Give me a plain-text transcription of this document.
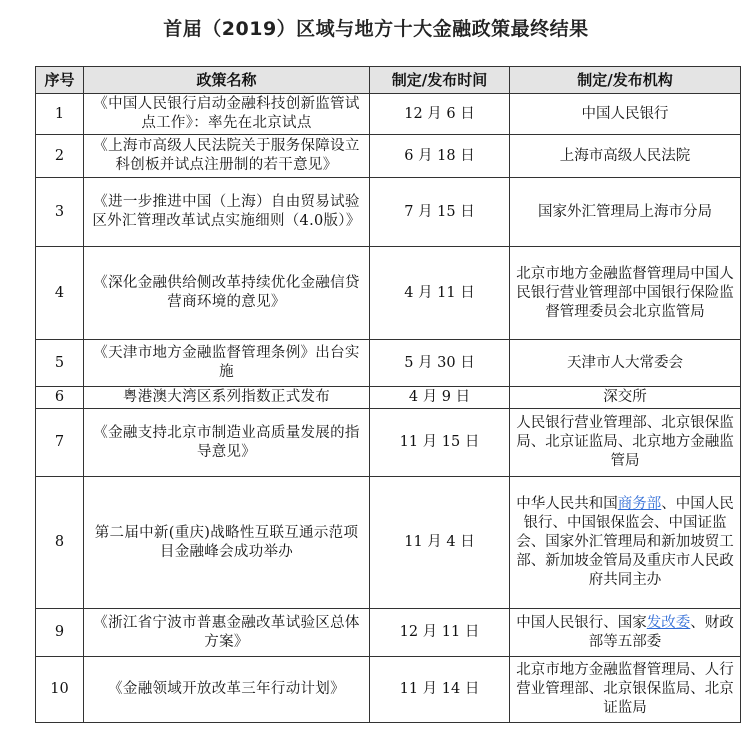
首届（2019）区域与地方十大金融政策最终结果
序号	政策名称	制定/发布时间	制定/发布机构
1	《中国人民银行启动金融科技创新监管试点工作》：率先在北京试点	12 月 6 日	中国人民银行
2	《上海市高级人民法院关于服务保障设立科创板并试点注册制的若干意见》	6 月 18 日	上海市高级人民法院
3	《进一步推进中国（上海）自由贸易试验区外汇管理改革试点实施细则（4.0版）》	7 月 15 日	国家外汇管理局上海市分局
4	《深化金融供给侧改革持续优化金融信贷营商环境的意见》	4 月 11 日	北京市地方金融监督管理局中国人民银行营业管理部中国银行保险监督管理委员会北京监管局
5	《天津市地方金融监督管理条例》出台实施	5 月 30 日	天津市人大常委会
6	粤港澳大湾区系列指数正式发布	4 月 9 日	深交所
7	《金融支持北京市制造业高质量发展的指导意见》	11 月 15 日	人民银行营业管理部、北京银保监局、北京证监局、北京地方金融监管局
8	第二届中新(重庆)战略性互联互通示范项目金融峰会成功举办	11 月 4 日	中华人民共和国商务部、中国人民银行、中国银保监会、中国证监会、国家外汇管理局和新加坡贸工部、新加坡金管局及重庆市人民政府共同主办
9	《浙江省宁波市普惠金融改革试验区总体方案》	12 月 11 日	中国人民银行、国家发改委、财政部等五部委
10	《金融领域开放改革三年行动计划》	11 月 14 日	北京市地方金融监督管理局、人行营业管理部、北京银保监局、北京证监局
